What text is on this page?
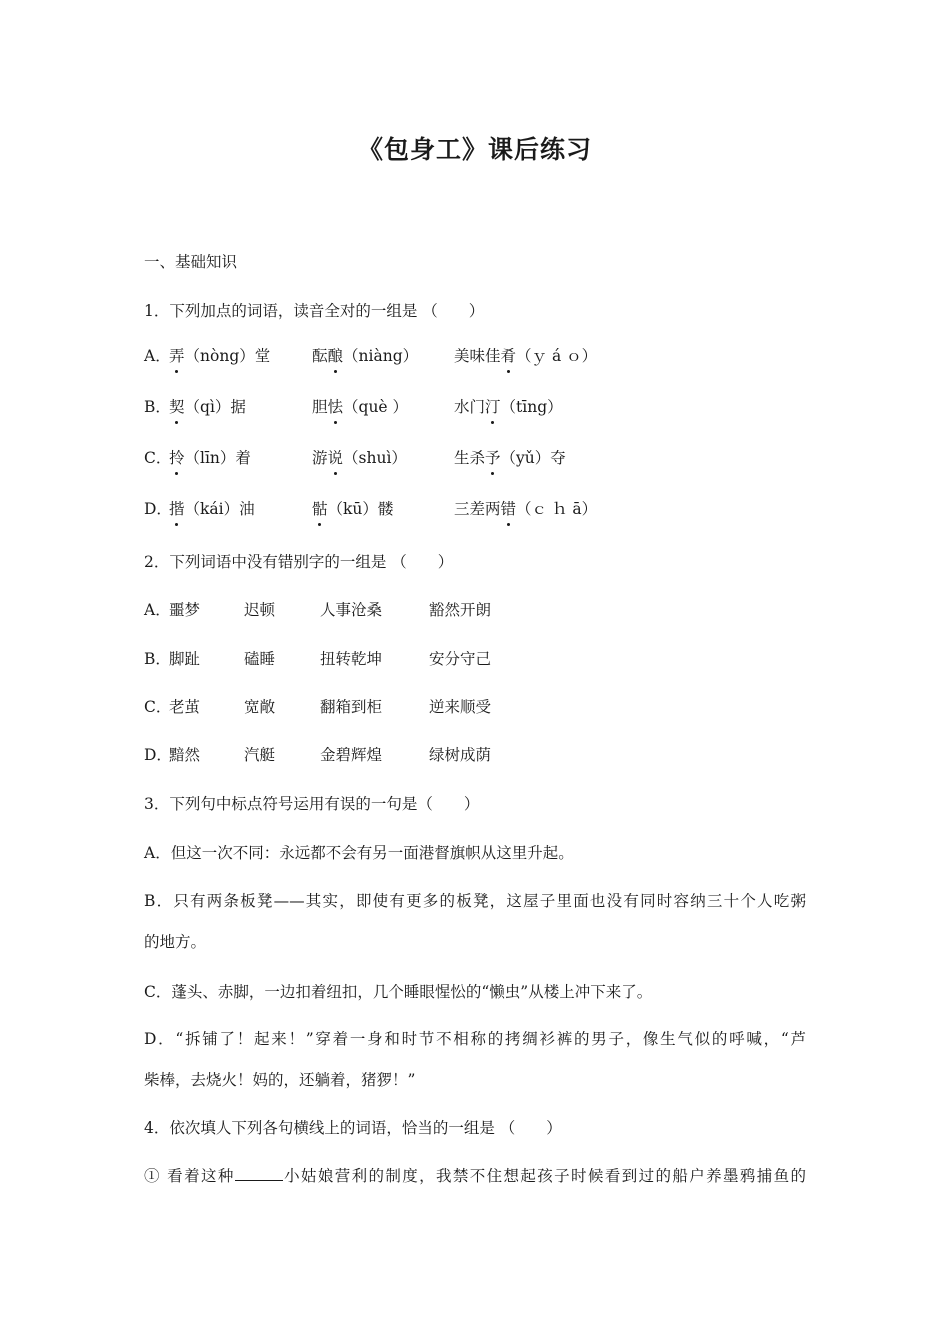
《包身工》课后练习
一、基础知识
1．下列加点的词语，读音全对的一组是 （　　）
A．
弄（nòng）堂	酝酿（niàng） 美味佳肴（ｙ á ｏ）
B．
契（qì）据	胆怯（què ）	水门汀（tīng）
C．
拎（līn）着	游说（shuì）	生杀予（yǔ）夺
D．
揩（kái）油	骷（kū）髅	三差两错（ｃ ｈ ā）
2．下列词语中没有错别字的一组是 （　　）
A．
噩梦	迟顿	人事沧桑	豁然开朗
B．
脚趾	磕睡	扭转乾坤	安分守己
C．
老茧	宽敞	翻箱到柜	逆来顺受
D．
黯然	汽艇	金碧辉煌	绿树成荫
3．下列句中标点符号运用有误的一句是（　　）
A．但这一次不同：永远都不会有另一面港督旗帜从这里升起。
B．只有两条板凳——其实，即使有更多的板凳，这屋子里面也没有同时容纳三十个人吃粥
的地方。
C．蓬头、赤脚，一边扣着纽扣，几个睡眼惺忪的“懒虫”从楼上冲下来了。
D．“拆铺了！起来！”穿着一身和时节不相称的拷绸衫裤的男子，像生气似的呼喊，“芦
柴棒，去烧火！妈的，还躺着，猪猡！”
4．依次填人下列各句横线上的词语，恰当的一组是 （　　）
① 看着这种	小姑娘营利的制度，我禁不住想起孩子时候看到过的船户养墨鸦捕鱼的
